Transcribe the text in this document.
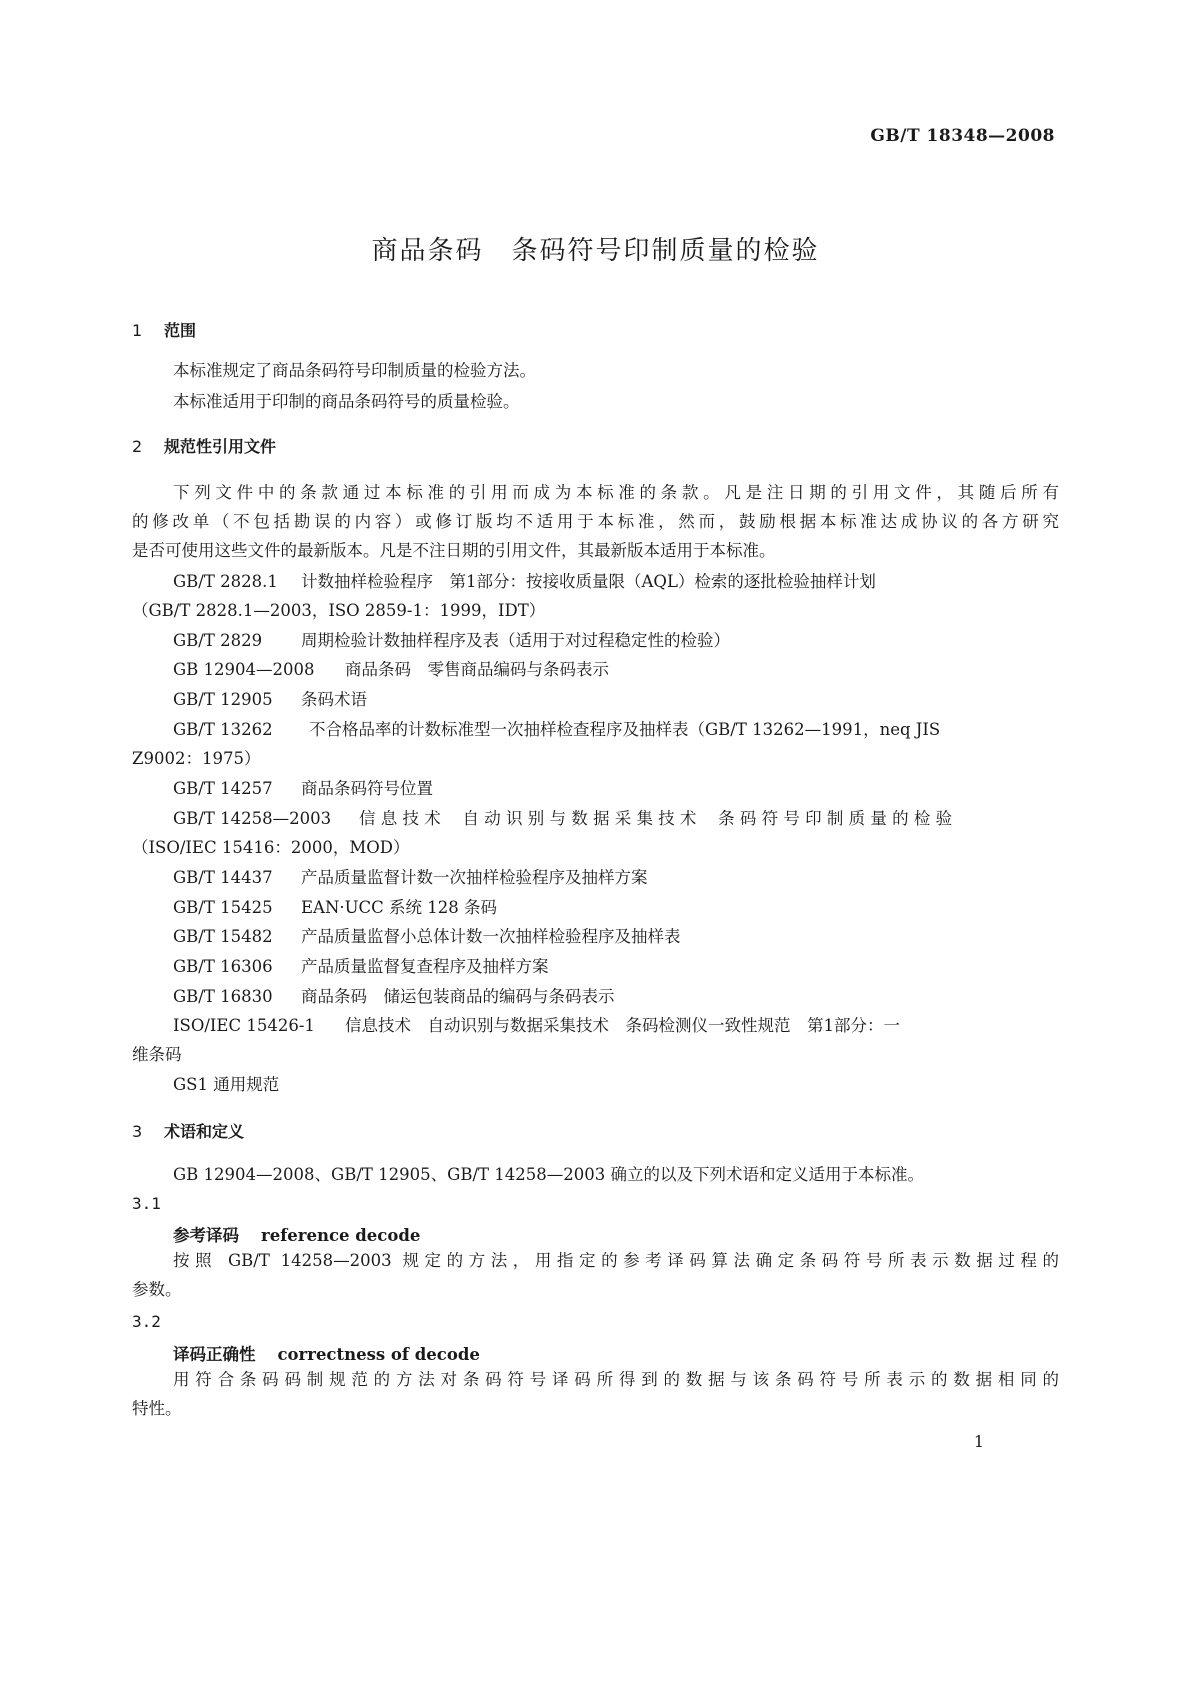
GB/T 18348—2008
商品条码　条码符号印制质量的检验
1 范围
本标准规定了商品条码符号印制质量的检验方法。
本标准适用于印制的商品条码符号的质量检验。
2 规范性引用文件
下列文件中的条款通过本标准的引用而成为本标准的条款。凡是注日期的引用文件，其随后所有
的修改单（不包括勘误的内容）或修订版均不适用于本标准，然而，鼓励根据本标准达成协议的各方研究
是否可使用这些文件的最新版本。凡是不注日期的引用文件，其最新版本适用于本标准。
GB/T 2828.1 计数抽样检验程序　第1部分：按接收质量限（AQL）检索的逐批检验抽样计划
（GB/T 2828.1—2003，ISO 2859-1：1999，IDT）
GB/T 2829 周期检验计数抽样程序及表（适用于对过程稳定性的检验）
GB 12904—2008 商品条码　零售商品编码与条码表示
GB/T 12905 条码术语
GB/T 13262 不合格品率的计数标准型一次抽样检查程序及抽样表（GB/T 13262—1991，neq JIS
Z9002：1975）
GB/T 14257 商品条码符号位置
GB/T 14258—2003 信 息 技 术　 自 动 识 别 与 数 据 采 集 技 术　 条 码 符 号 印 制 质 量 的 检 验
（ISO/IEC 15416：2000，MOD）
GB/T 14437 产品质量监督计数一次抽样检验程序及抽样方案
GB/T 15425 EAN·UCC 系统 128 条码
GB/T 15482 产品质量监督小总体计数一次抽样检验程序及抽样表
GB/T 16306 产品质量监督复查程序及抽样方案
GB/T 16830 商品条码　储运包装商品的编码与条码表示
ISO/IEC 15426-1 信息技术　自动识别与数据采集技术　条码检测仪一致性规范　第1部分：一
维条码
GS1 通用规范
3 术语和定义
GB 12904—2008、GB/T 12905、GB/T 14258—2003 确立的以及下列术语和定义适用于本标准。
3.1
参考译码 reference decode
按照 GB/T 14258—2003 规定的方法，用指定的参考译码算法确定条码符号所表示数据过程的
参数。
3.2
译码正确性 correctness of decode
用符合条码码制规范的方法对条码符号译码所得到的数据与该条码符号所表示的数据相同的
特性。
1
